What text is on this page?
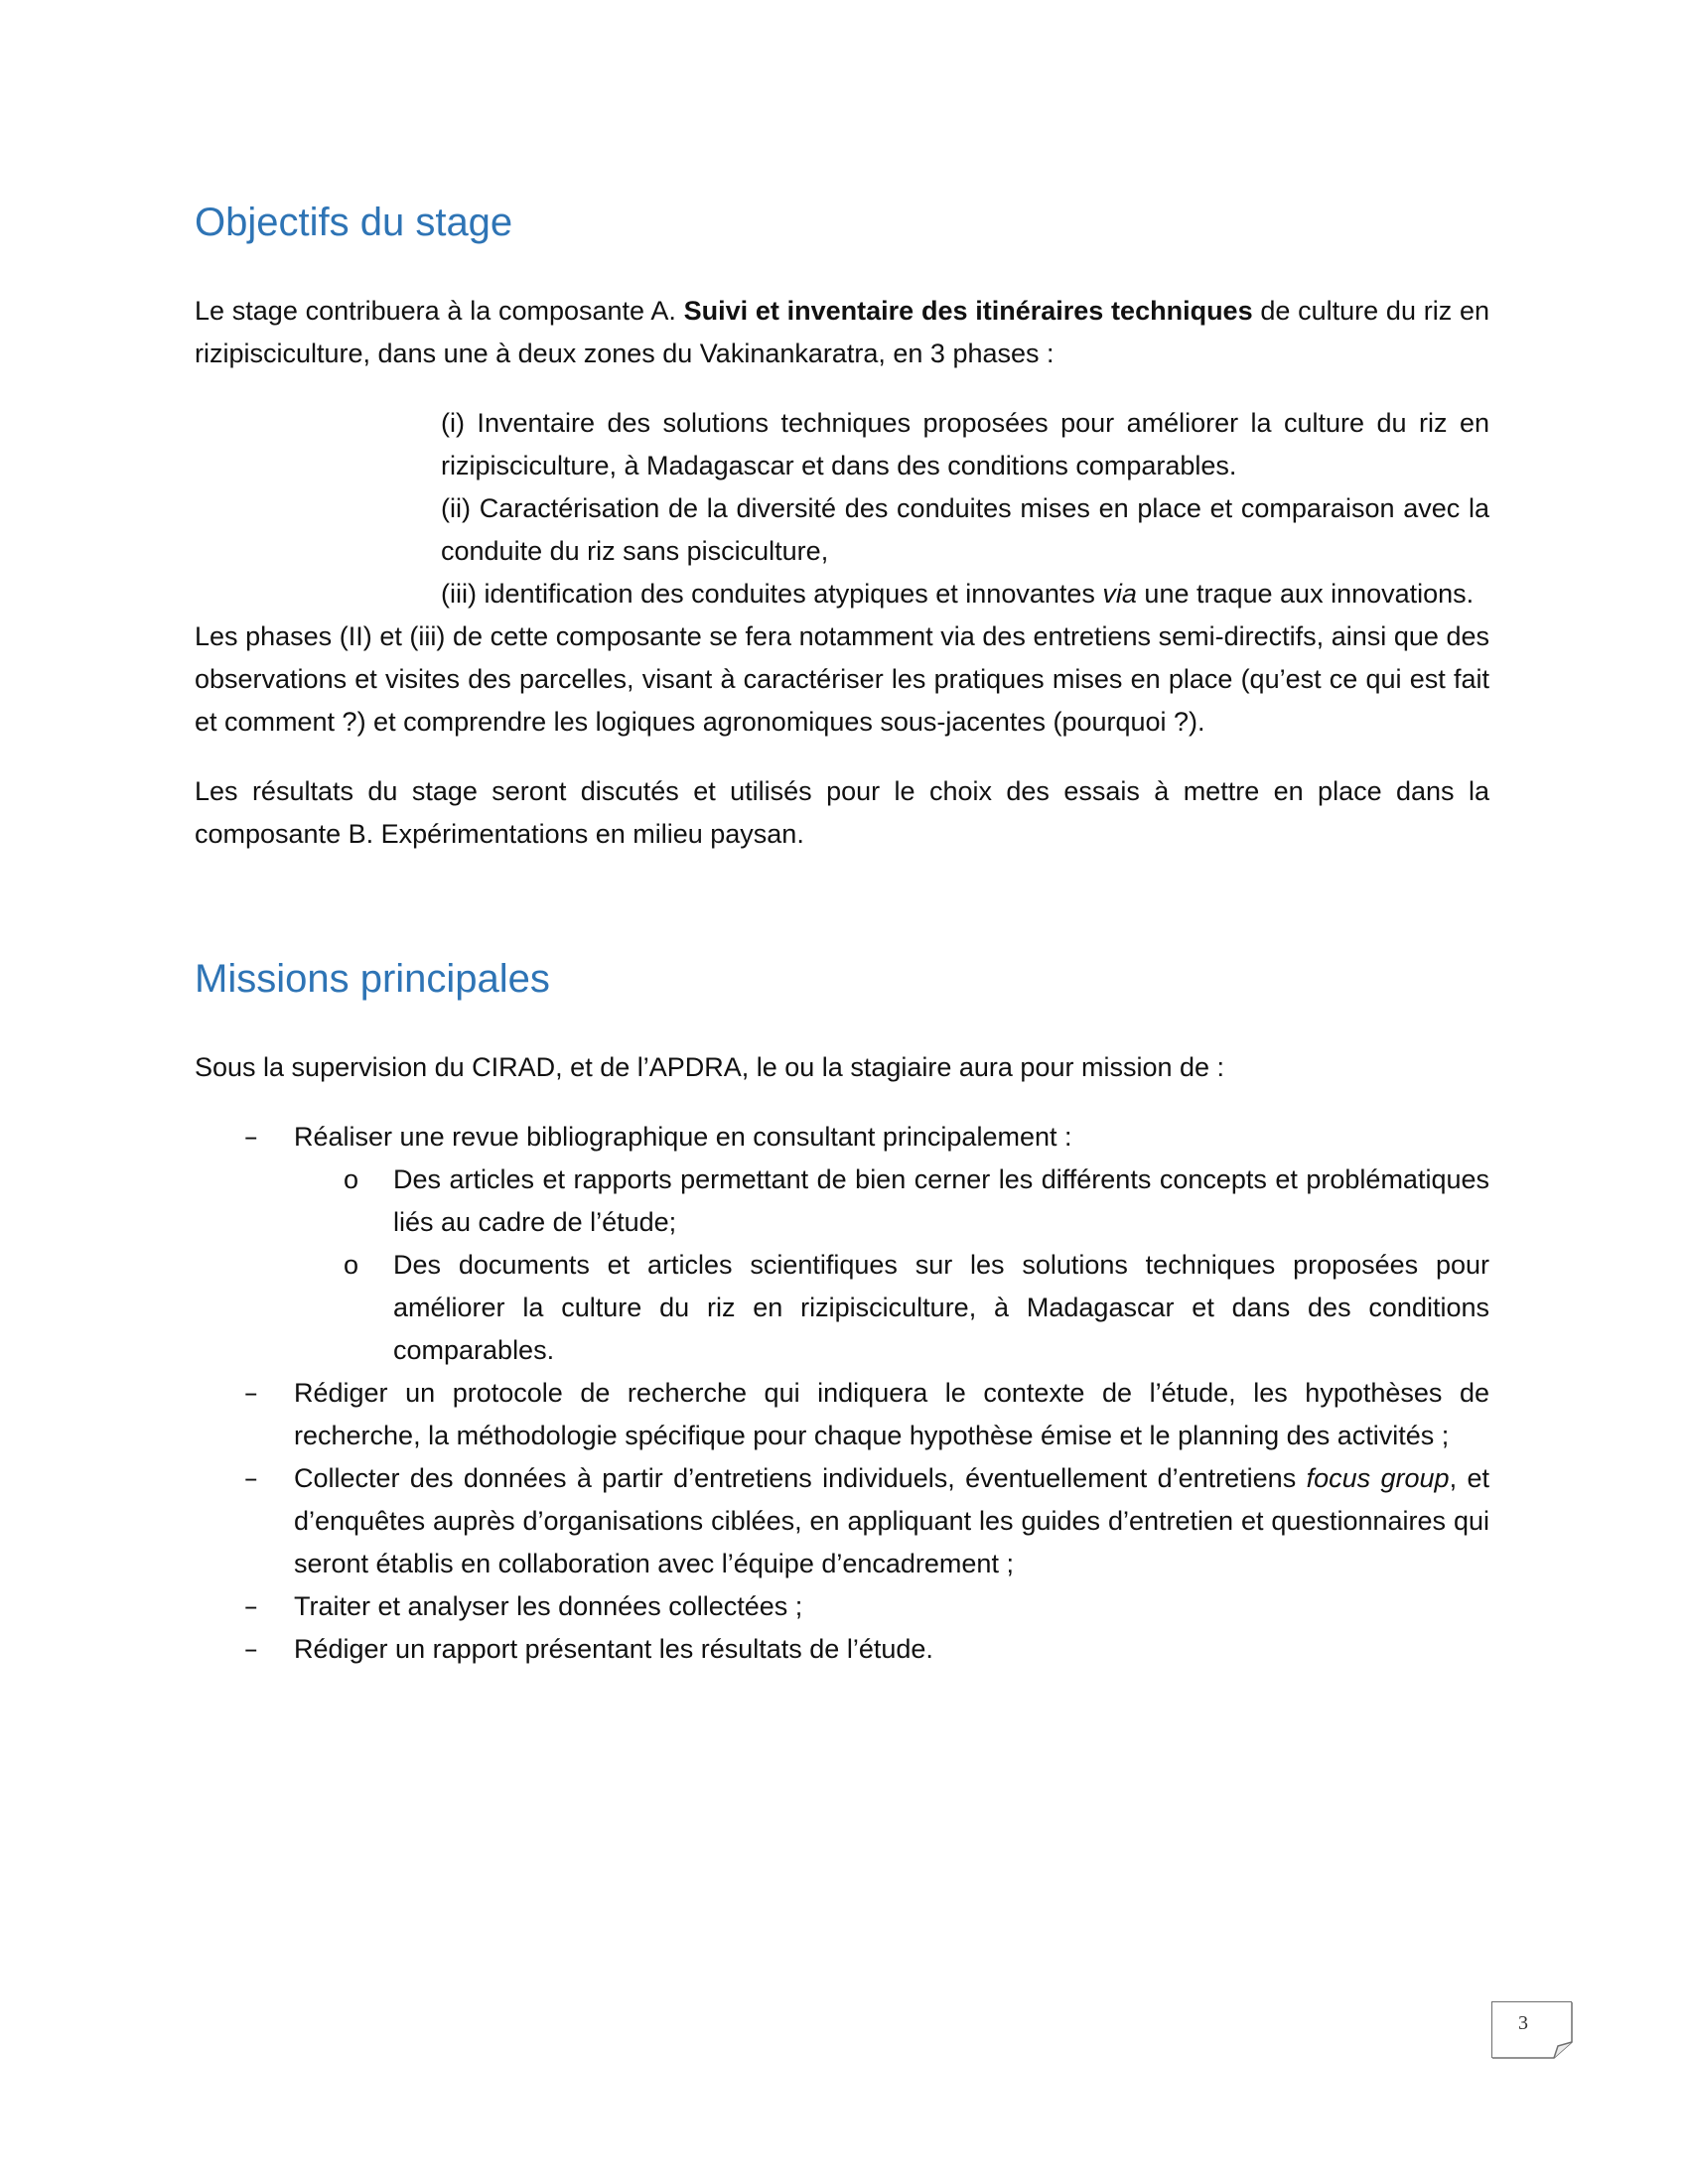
Objectifs du stage

Le stage contribuera à la composante A. Suivi et inventaire des itinéraires techniques de culture du riz en rizipisciculture, dans une à deux zones du Vakinankaratra, en 3 phases :

(i) Inventaire des solutions techniques proposées pour améliorer la culture du riz en rizipisciculture, à Madagascar et dans des conditions comparables.
(ii) Caractérisation de la diversité des conduites mises en place et comparaison avec la conduite du riz sans pisciculture,
(iii) identification des conduites atypiques et innovantes via une traque aux innovations.

Les phases (II) et (iii) de cette composante se fera notamment via des entretiens semi-directifs, ainsi que des observations et visites des parcelles, visant à caractériser les pratiques mises en place (qu’est ce qui est fait et comment ?) et comprendre les logiques agronomiques sous-jacentes (pourquoi ?).

Les résultats du stage seront discutés et utilisés pour le choix des essais à mettre en place dans la composante B. Expérimentations en milieu paysan.

Missions principales

Sous la supervision du CIRAD, et de l’APDRA, le ou la stagiaire aura pour mission de :

–	Réaliser une revue bibliographique en consultant principalement :
o	Des articles et rapports permettant de bien cerner les différents concepts et problématiques liés au cadre de l’étude;
o	Des documents et articles scientifiques sur les solutions techniques proposées pour améliorer la culture du riz en rizipisciculture, à Madagascar et dans des conditions comparables.
–	Rédiger un protocole de recherche qui indiquera le contexte de l’étude, les hypothèses de recherche, la méthodologie spécifique pour chaque hypothèse émise et le planning des activités ;
–	Collecter des données à partir d’entretiens individuels, éventuellement d’entretiens focus group, et d’enquêtes auprès d’organisations ciblées, en appliquant les guides d’entretien et questionnaires qui seront établis en collaboration avec l’équipe d’encadrement ;
–	Traiter et analyser les données collectées ;
–	Rédiger un rapport présentant les résultats de l’étude.
3
